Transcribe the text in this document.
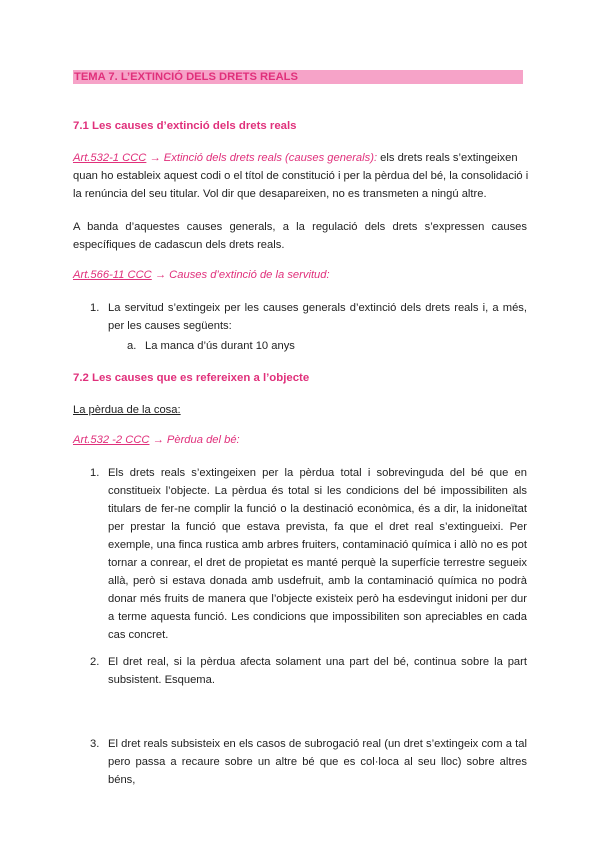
TEMA 7. L’EXTINCIÓ DELS DRETS REALS
7.1 Les causes d’extinció dels drets reals
Art.532-1 CCC → Extinció dels drets reals (causes generals): els drets reals s’extingeixen
quan ho estableix aquest codi o el títol de constitució i per la pèrdua del bé, la consolidació i
la renúncia del seu titular. Vol dir que desapareixen, no es transmeten a ningú altre.
A banda d’aquestes causes generals, a la regulació dels drets s’expressen causes
específiques de cadascun dels drets reals.
Art.566-11 CCC → Causes d’extinció de la servitud:
1. La servitud s’extingeix per les causes generals d’extinció dels drets reals i, a més,
per les causes següents:
a. La manca d’ús durant 10 anys
7.2 Les causes que es refereixen a l’objecte
La pèrdua de la cosa:
Art.532 -2 CCC → Pèrdua del bé:
1. Els drets reals s’extingeixen per la pèrdua total i sobrevinguda del bé que en
constitueix l’objecte. La pèrdua és total si les condicions del bé impossibiliten als
titulars de fer-ne complir la funció o la destinació econòmica, és a dir, la inidoneïtat
per prestar la funció que estava prevista, fa que el dret real s’extingueixi. Per
exemple, una finca rustica amb arbres fruiters, contaminació química i allò no es pot
tornar a conrear, el dret de propietat es manté perquè la superfície terrestre segueix
allà, però si estava donada amb usdefruit, amb la contaminació química no podrà
donar més fruits de manera que l’objecte existeix però ha esdevingut inidoni per dur
a terme aquesta funció. Les condicions que impossibiliten son apreciables en cada
cas concret.
2. El dret real, si la pèrdua afecta solament una part del bé, continua sobre la part
subsistent. Esquema.
3. El dret reals subsisteix en els casos de subrogació real (un dret s’extingeix com a tal
pero passa a recaure sobre un altre bé que es col·loca al seu lloc) sobre altres béns,
